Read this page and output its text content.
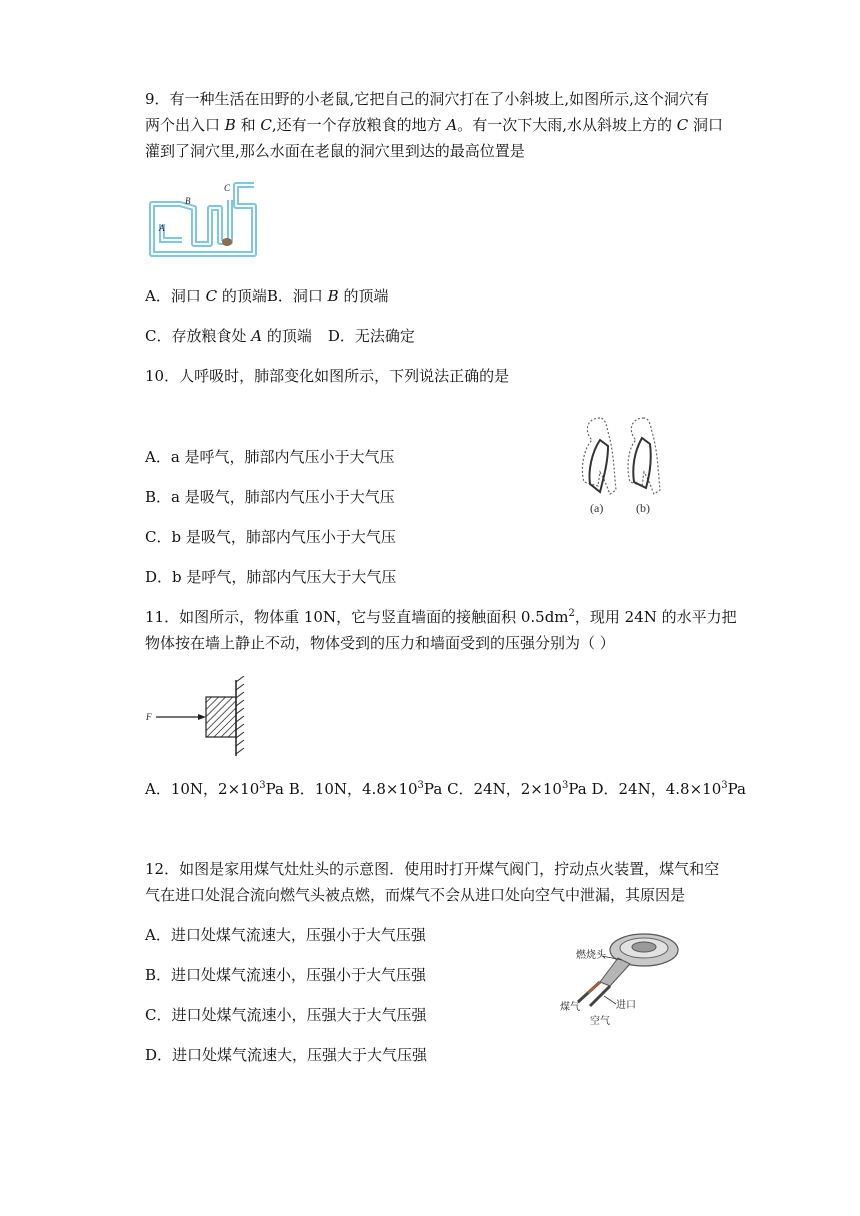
9．有一种生活在田野的小老鼠,它把自己的洞穴打在了小斜坡上,如图所示,这个洞穴有
两个出入口 B 和 C,还有一个存放粮食的地方 A。有一次下大雨,水从斜坡上方的 C 洞口
灌到了洞穴里,那么水面在老鼠的洞穴里到达的最高位置是
A
B
C
A．洞口 C 的顶端B．洞口 B 的顶端
C．存放粮食处 A 的顶端 D．无法确定
10．人呼吸时，肺部变化如图所示，下列说法正确的是
A．a 是呼气，肺部内气压小于大气压
B．a 是吸气，肺部内气压小于大气压
C．b 是吸气，肺部内气压小于大气压
D．b 是呼气，肺部内气压大于大气压
(a)	(b)
11．如图所示，物体重 10N，它与竖直墙面的接触面积 $0.5dm^2$，现用 24N 的水平力把
物体按在墙上静止不动，物体受到的压力和墙面受到的压强分别为（ ）
F
A．10N，$2\times 10^3Pa$ B．10N，$4.8\times 10^3Pa$ C．24N，$2\times 10^3Pa$ D．24N，$4.8\times 10^3Pa$
12．如图是家用煤气灶灶头的示意图．使用时打开煤气阀门，拧动点火装置，煤气和空
气在进口处混合流向燃气头被点燃，而煤气不会从进口处向空气中泄漏，其原因是
A．进口处煤气流速大，压强小于大气压强
B．进口处煤气流速小，压强小于大气压强
C．进口处煤气流速小，压强大于大气压强
D．进口处煤气流速大，压强大于大气压强
燃烧头
煤气	进口
空气
